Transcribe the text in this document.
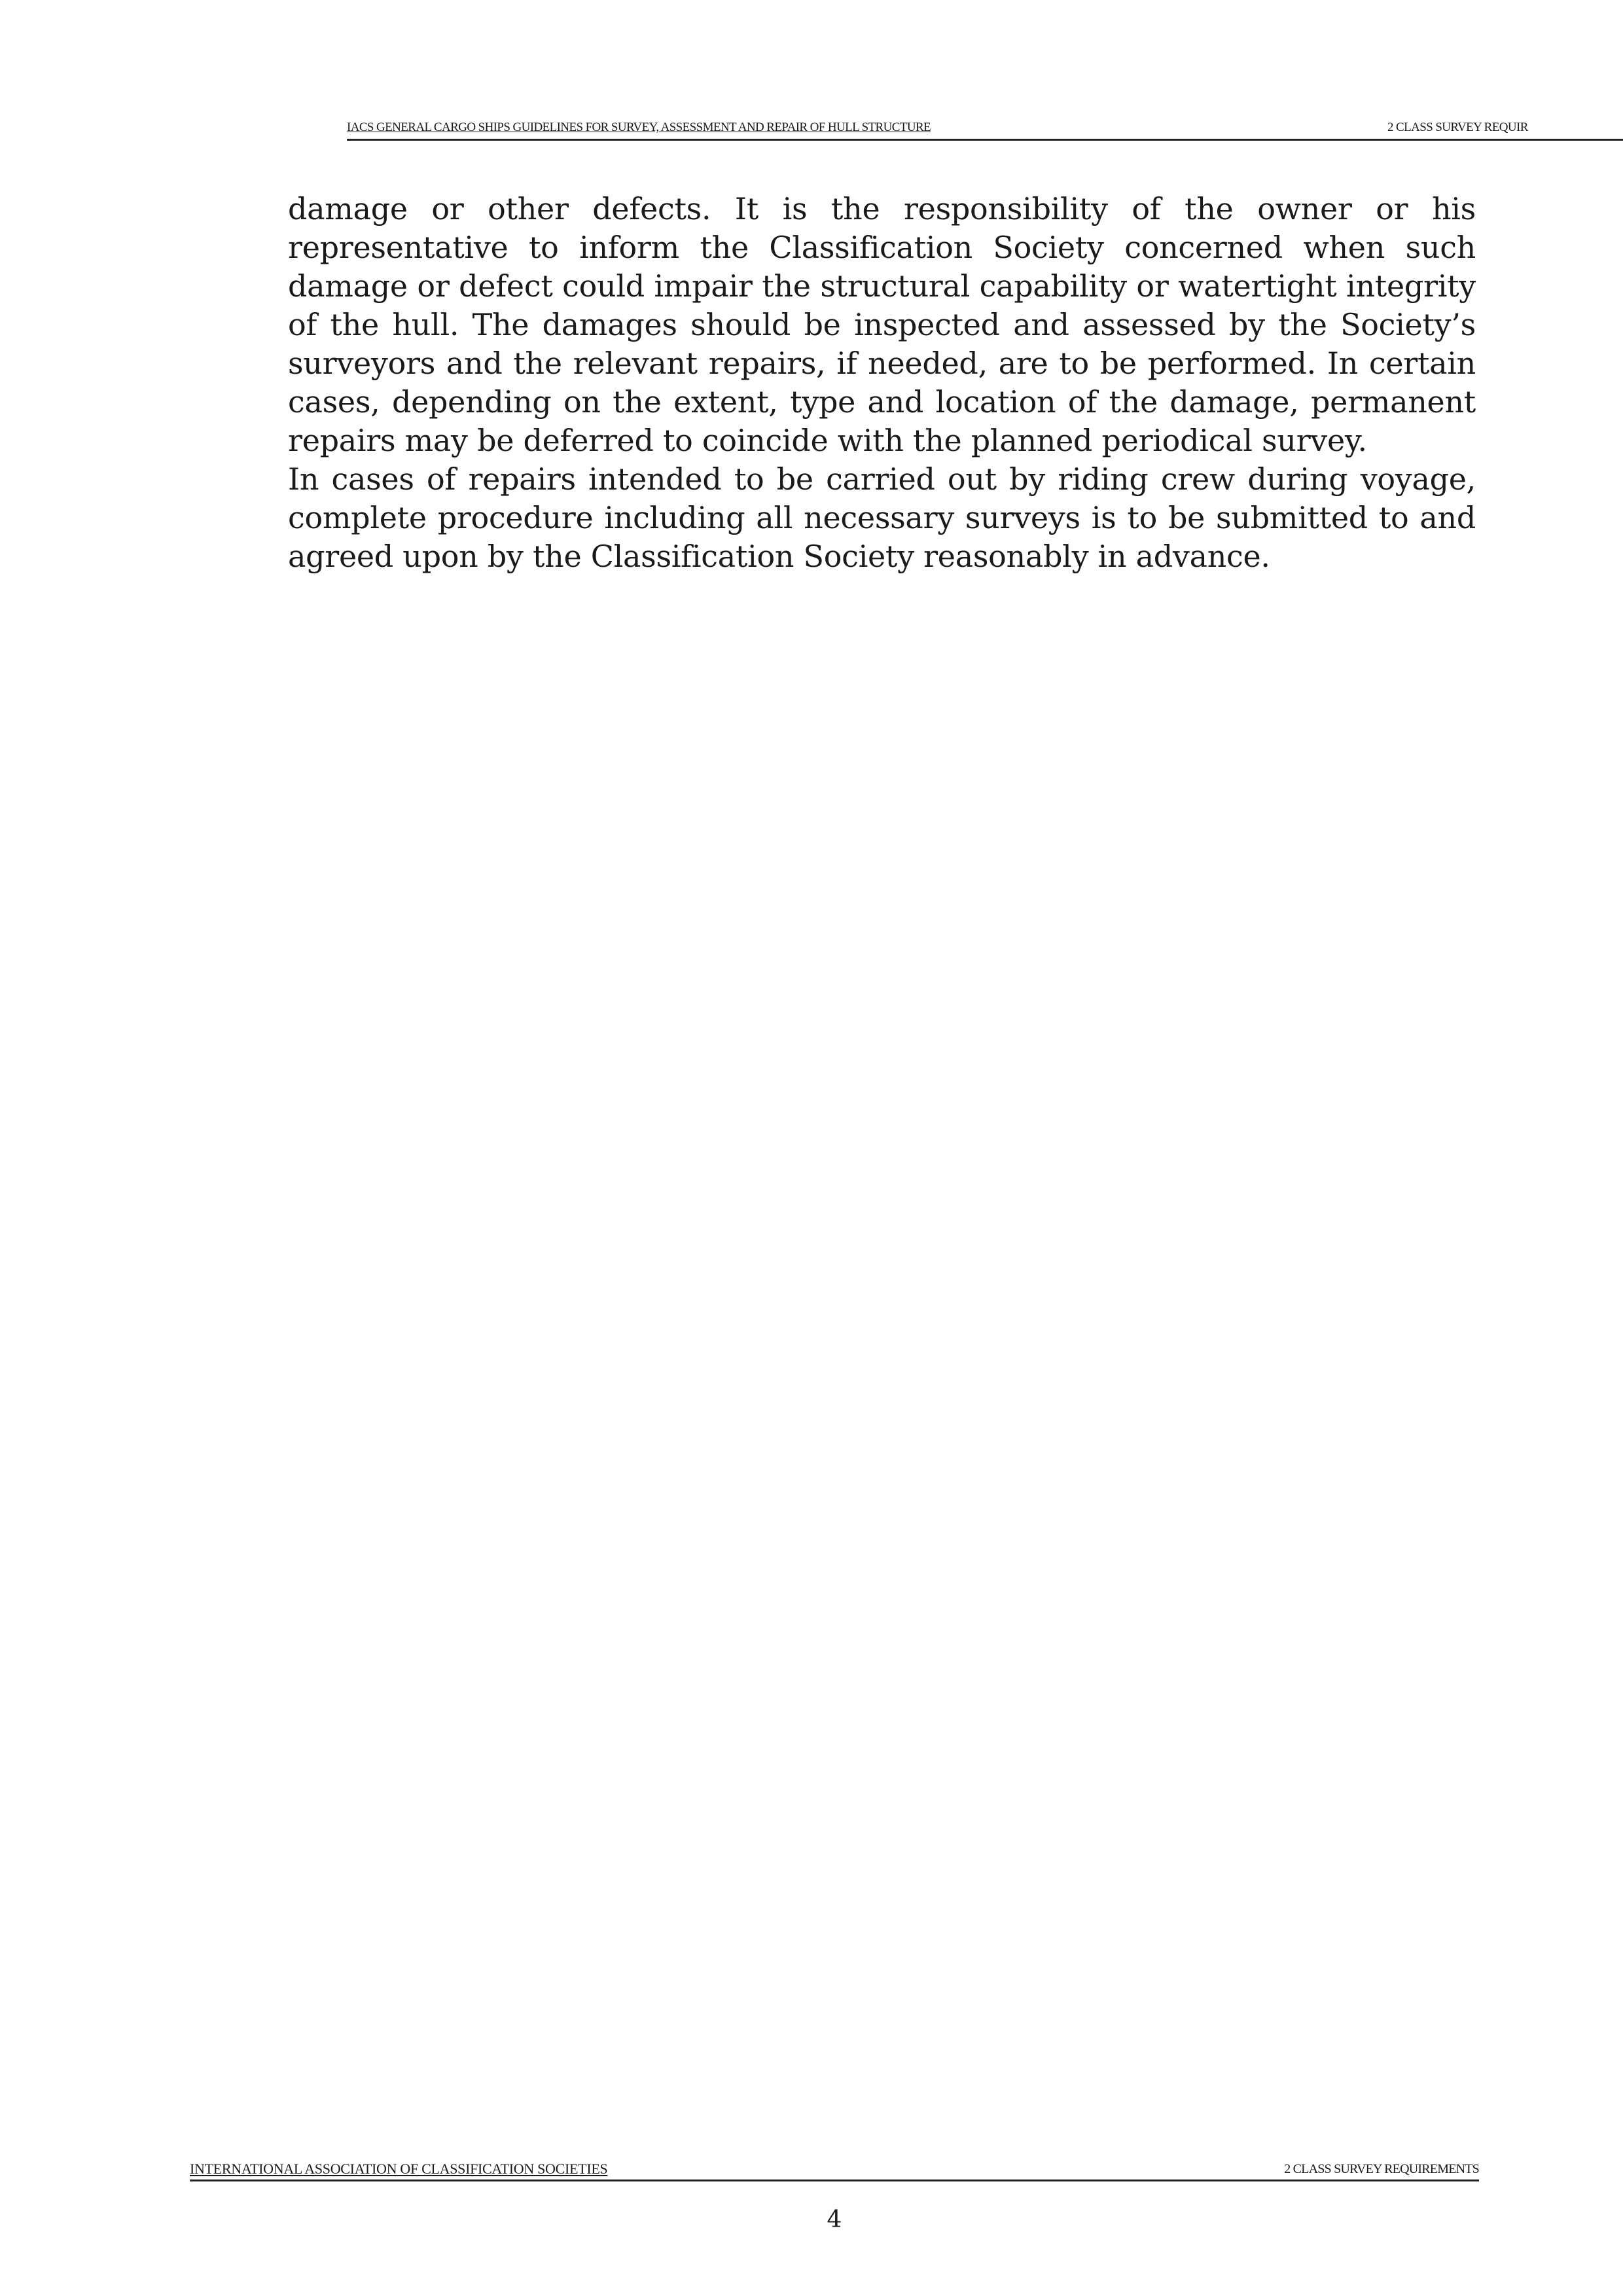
IACS GENERAL CARGO SHIPS GUIDELINES FOR SURVEY, ASSESSMENT AND REPAIR OF HULL STRUCTURE	2 CLASS SURVEY REQUIR

damage or other defects. It is the responsibility of the owner or his representative to inform the Classification Society concerned when such damage or defect could impair the structural capability or watertight integrity of the hull. The damages should be inspected and assessed by the Society’s surveyors and the relevant repairs, if needed, are to be performed. In certain cases, depending on the extent, type and location of the damage, permanent repairs may be deferred to coincide with the planned periodical survey.

In cases of repairs intended to be carried out by riding crew during voyage, complete procedure including all necessary surveys is to be submitted to and agreed upon by the Classification Society reasonably in advance.

INTERNATIONAL ASSOCIATION OF CLASSIFICATION SOCIETIES	2 CLASS SURVEY REQUIREMENTS
4
